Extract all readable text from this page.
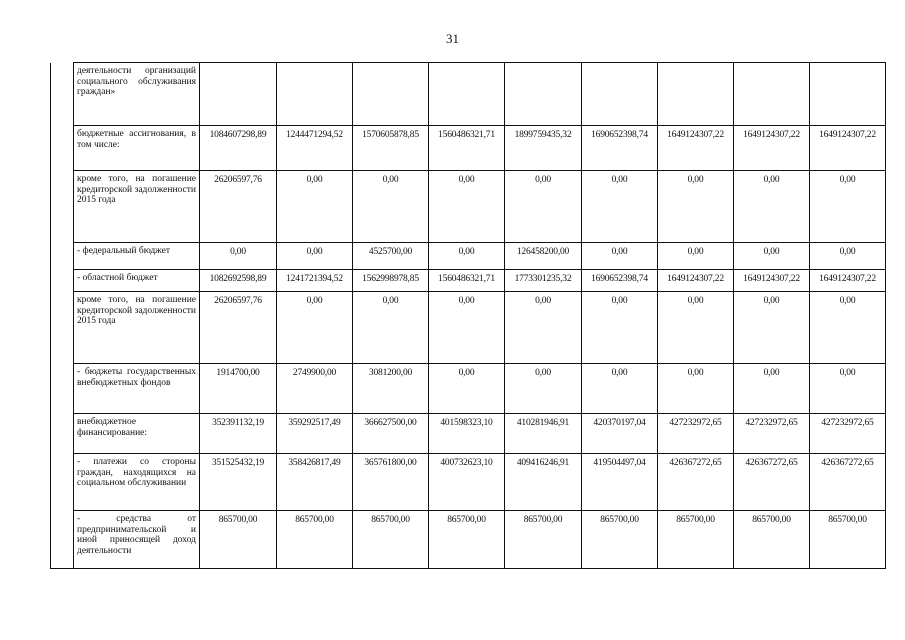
31
	деятельности организаций социального обслуживания граждан»									
	бюджетные ассигнования, в том числе:	1084607298,89	1244471294,52	1570605878,85	1560486321,71	1899759435,32	1690652398,74	1649124307,22	1649124307,22	1649124307,22
	кроме того, на погашение кредиторской задолженности 2015 года	26206597,76	0,00	0,00	0,00	0,00	0,00	0,00	0,00	0,00
	- федеральный бюджет	0,00	0,00	4525700,00	0,00	126458200,00	0,00	0,00	0,00	0,00
	- областной бюджет	1082692598,89	1241721394,52	1562998978,85	1560486321,71	1773301235,32	1690652398,74	1649124307,22	1649124307,22	1649124307,22
	кроме того, на погашение кредиторской задолженности 2015 года	26206597,76	0,00	0,00	0,00	0,00	0,00	0,00	0,00	0,00
	- бюджеты государственных внебюджетных фондов	1914700,00	2749900,00	3081200,00	0,00	0,00	0,00	0,00	0,00	0,00
	внебюджетное финансирование:	352391132,19	359292517,49	366627500,00	401598323,10	410281946,91	420370197,04	427232972,65	427232972,65	427232972,65
	- платежи со стороны граждан, находящихся на социальном обслуживании	351525432,19	358426817,49	365761800,00	400732623,10	409416246,91	419504497,04	426367272,65	426367272,65	426367272,65
	- средства от предпринимательской и иной приносящей доход деятельности	865700,00	865700,00	865700,00	865700,00	865700,00	865700,00	865700,00	865700,00	865700,00
